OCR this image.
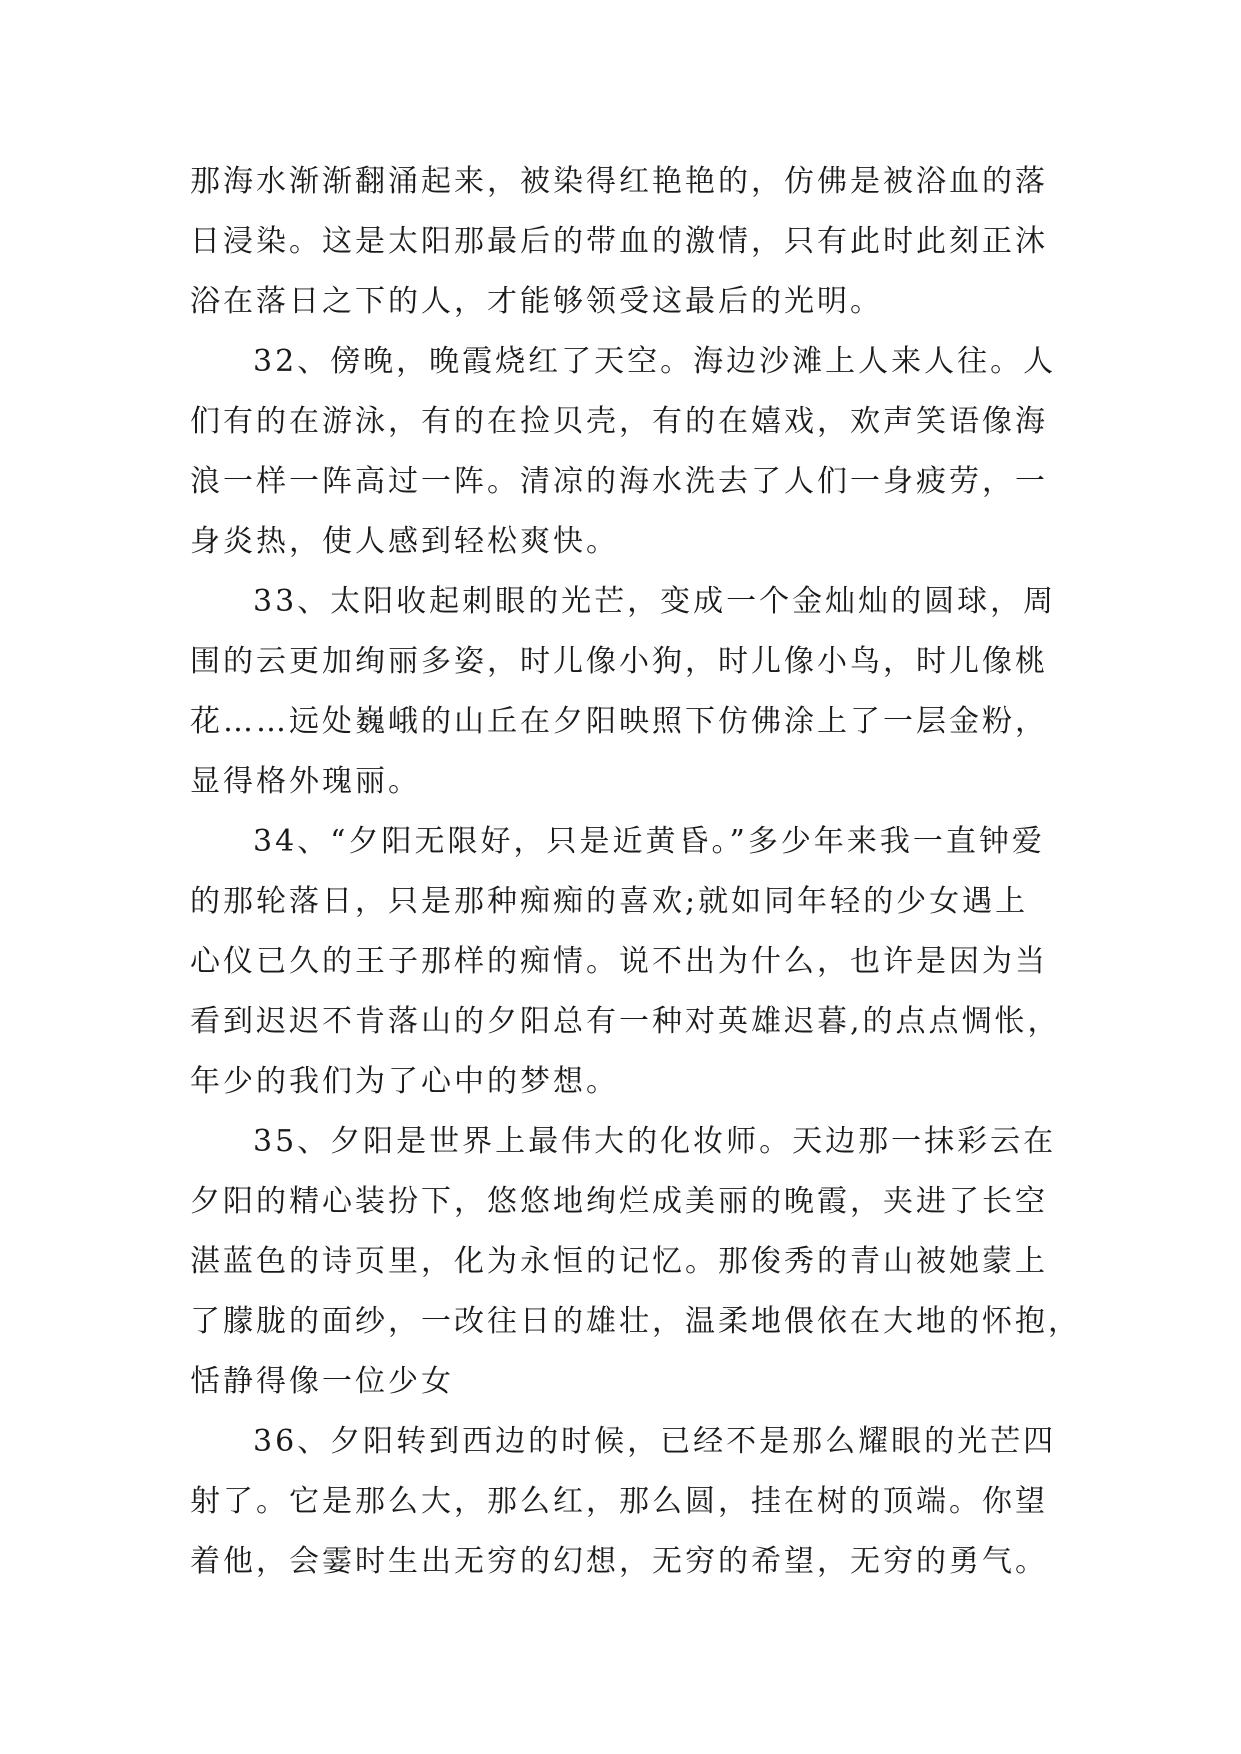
那海水渐渐翻涌起来，被染得红艳艳的，仿佛是被浴血的落
日浸染。这是太阳那最后的带血的激情，只有此时此刻正沐
浴在落日之下的人，才能够领受这最后的光明。
32、傍晚，晚霞烧红了天空。海边沙滩上人来人往。人
们有的在游泳，有的在捡贝壳，有的在嬉戏，欢声笑语像海
浪一样一阵高过一阵。清凉的海水洗去了人们一身疲劳，一
身炎热，使人感到轻松爽快。
33、太阳收起刺眼的光芒，变成一个金灿灿的圆球，周
围的云更加绚丽多姿，时儿像小狗，时儿像小鸟，时儿像桃
花……远处巍峨的山丘在夕阳映照下仿佛涂上了一层金粉，
显得格外瑰丽。
34、“夕阳无限好，只是近黄昏。”多少年来我一直钟爱
的那轮落日，只是那种痴痴的喜欢;就如同年轻的少女遇上
心仪已久的王子那样的痴情。说不出为什么，也许是因为当
看到迟迟不肯落山的夕阳总有一种对英雄迟暮,的点点惆怅，
年少的我们为了心中的梦想。
35、夕阳是世界上最伟大的化妆师。天边那一抹彩云在
夕阳的精心装扮下，悠悠地绚烂成美丽的晚霞，夹进了长空
湛蓝色的诗页里，化为永恒的记忆。那俊秀的青山被她蒙上
了朦胧的面纱，一改往日的雄壮，温柔地偎依在大地的怀抱，
恬静得像一位少女
36、夕阳转到西边的时候，已经不是那么耀眼的光芒四
射了。它是那么大，那么红，那么圆，挂在树的顶端。你望
着他，会霎时生出无穷的幻想，无穷的希望，无穷的勇气。
